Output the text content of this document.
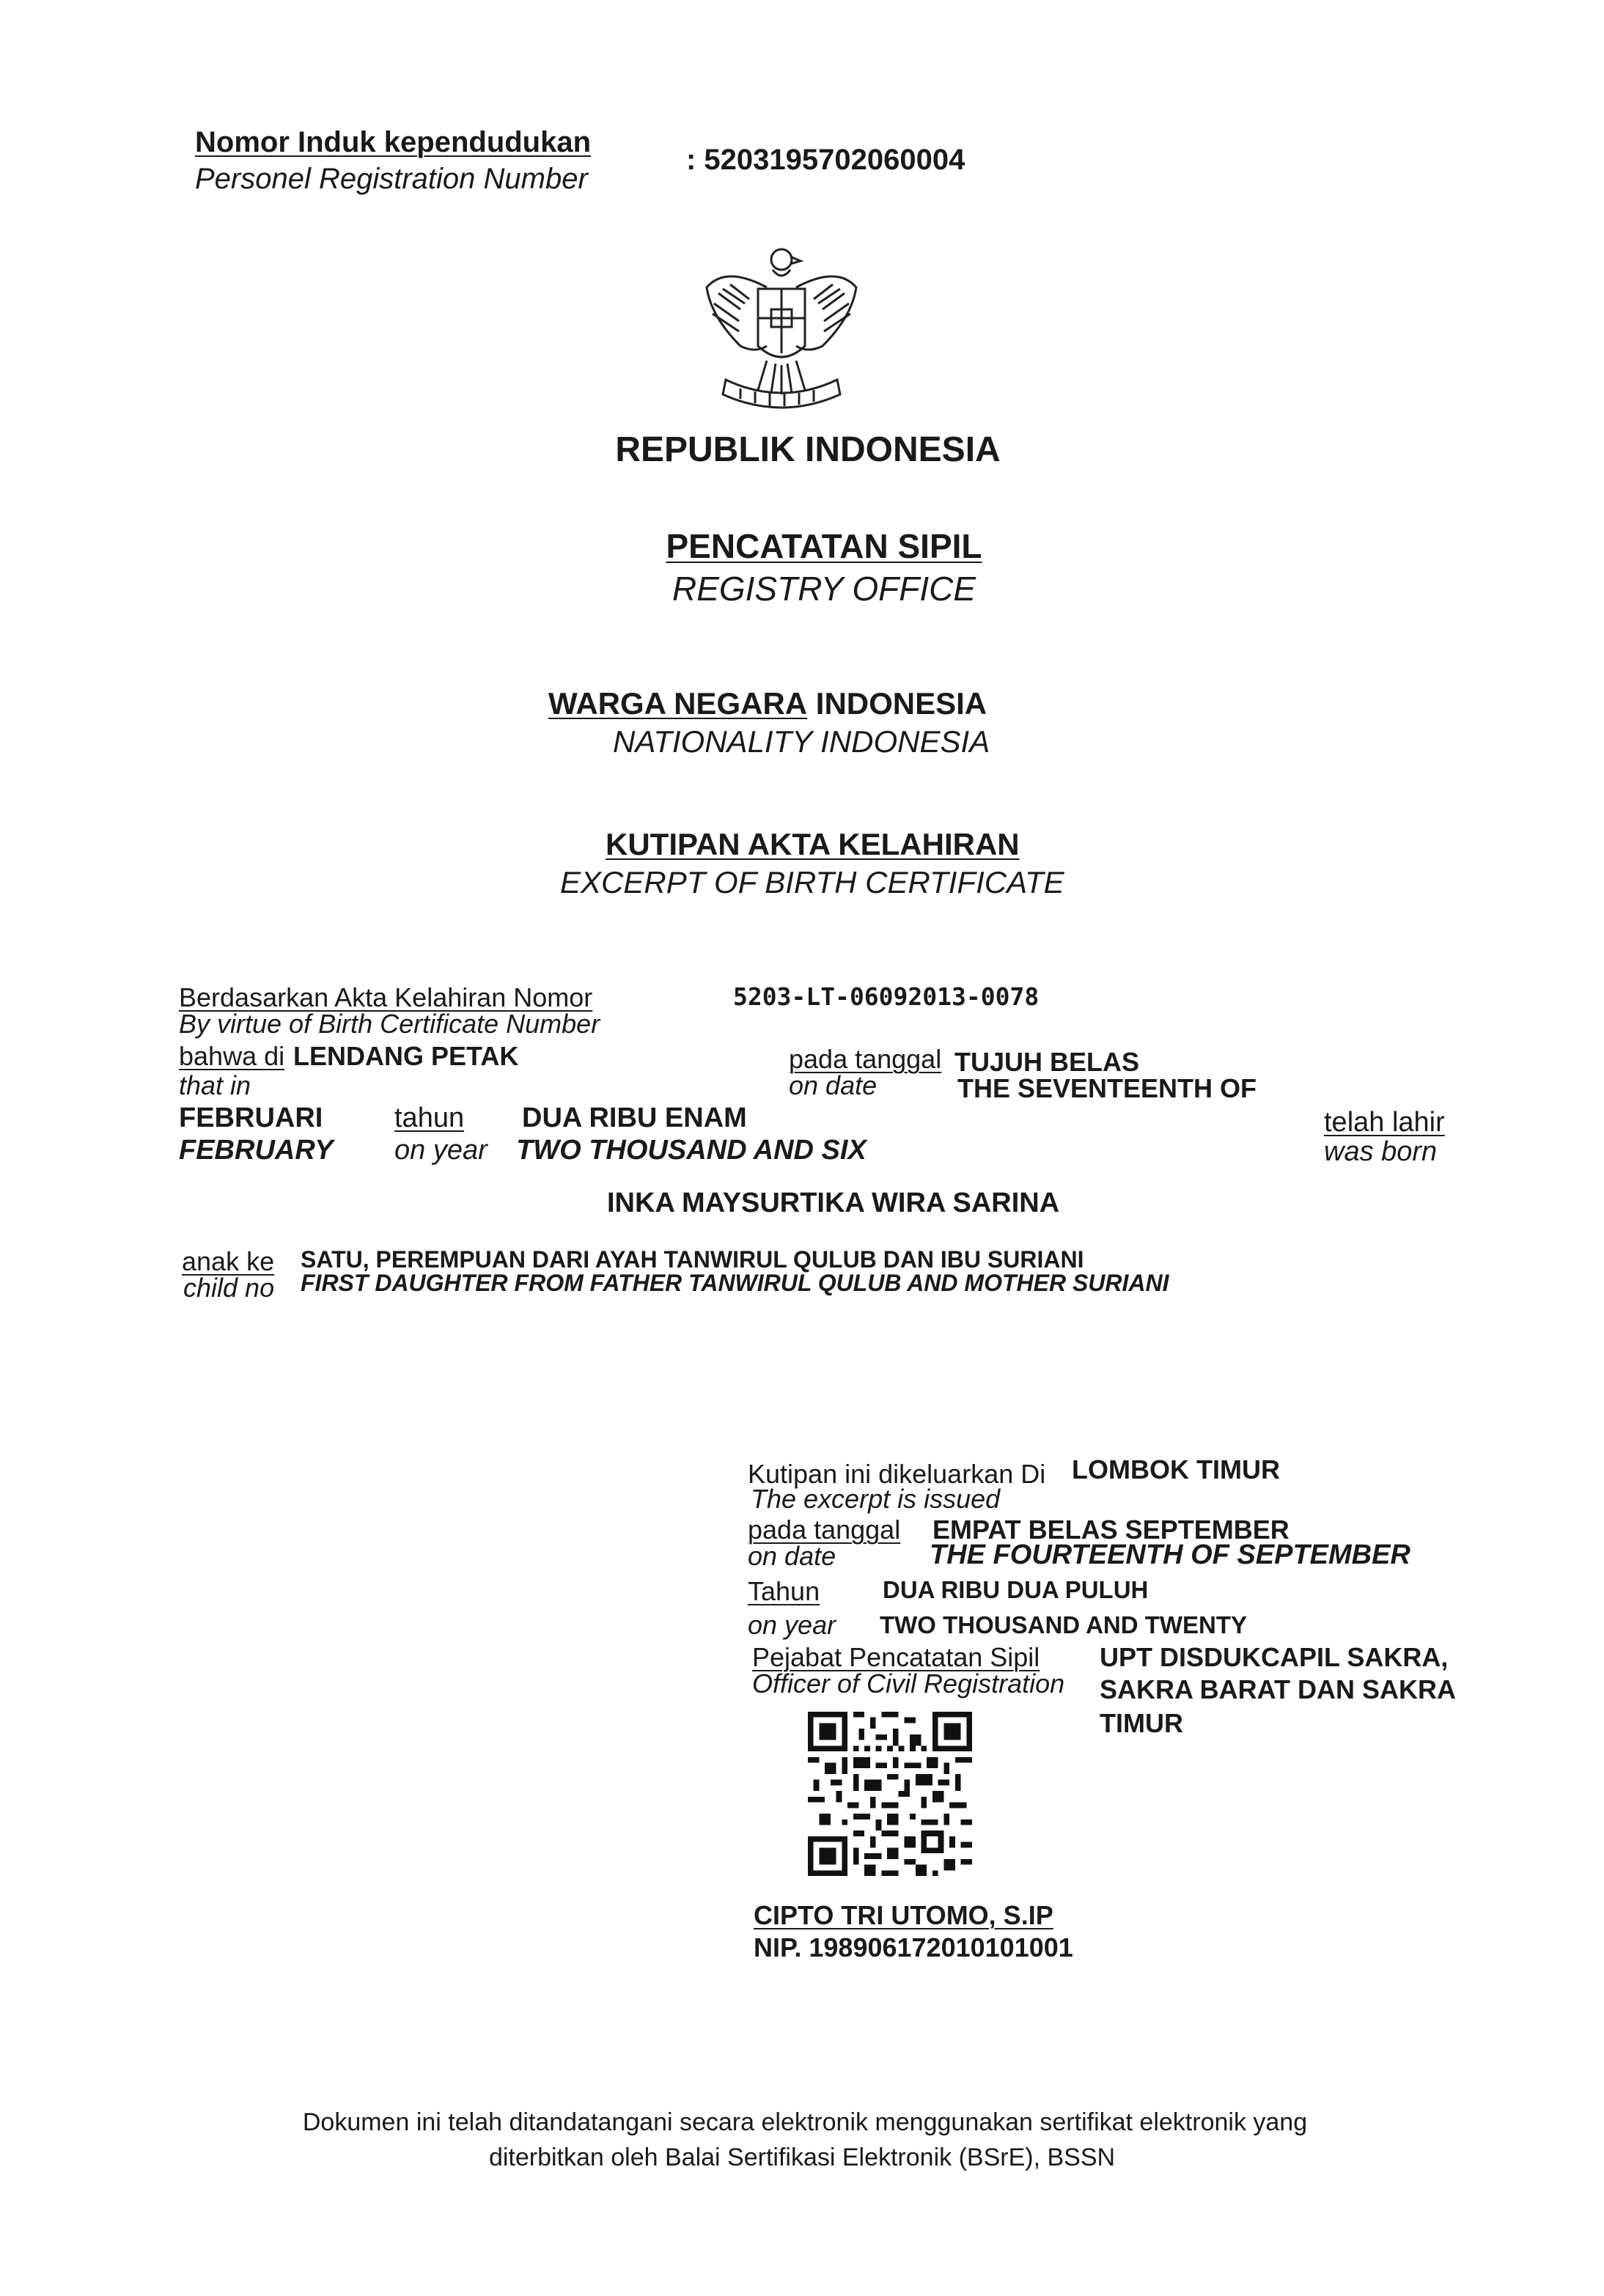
Nomor Induk kependudukan
Personel Registration Number
: 5203195702060004
REPUBLIK INDONESIA
PENCATATAN SIPIL
REGISTRY OFFICE
WARGA NEGARA INDONESIA
NATIONALITY INDONESIA
KUTIPAN AKTA KELAHIRAN
EXCERPT OF BIRTH CERTIFICATE
Berdasarkan Akta Kelahiran Nomor
By virtue of Birth Certificate Number
5203-LT-06092013-0078
bahwa di LENDANG PETAK
that in
pada tanggal
on date
TUJUH BELAS
THE SEVENTEENTH OF
FEBRUARI
FEBRUARY
tahun
on year
DUA RIBU ENAM
TWO THOUSAND AND SIX
telah lahir
was born
INKA MAYSURTIKA WIRA SARINA
anak ke
child no
SATU, PEREMPUAN DARI AYAH TANWIRUL QULUB DAN IBU SURIANI
FIRST DAUGHTER FROM FATHER TANWIRUL QULUB AND MOTHER SURIANI
Kutipan ini dikeluarkan Di
The excerpt is issued
LOMBOK TIMUR
pada tanggal
on date
EMPAT BELAS SEPTEMBER
THE FOURTEENTH OF SEPTEMBER
Tahun
on year
DUA RIBU DUA PULUH
TWO THOUSAND AND TWENTY
Pejabat Pencatatan Sipil
Officer of Civil Registration
UPT DISDUKCAPIL SAKRA,
SAKRA BARAT DAN SAKRA
TIMUR
CIPTO TRI UTOMO, S.IP
NIP. 198906172010101001
Dokumen ini telah ditandatangani secara elektronik menggunakan sertifikat elektronik yang
diterbitkan oleh Balai Sertifikasi Elektronik (BSrE), BSSN
